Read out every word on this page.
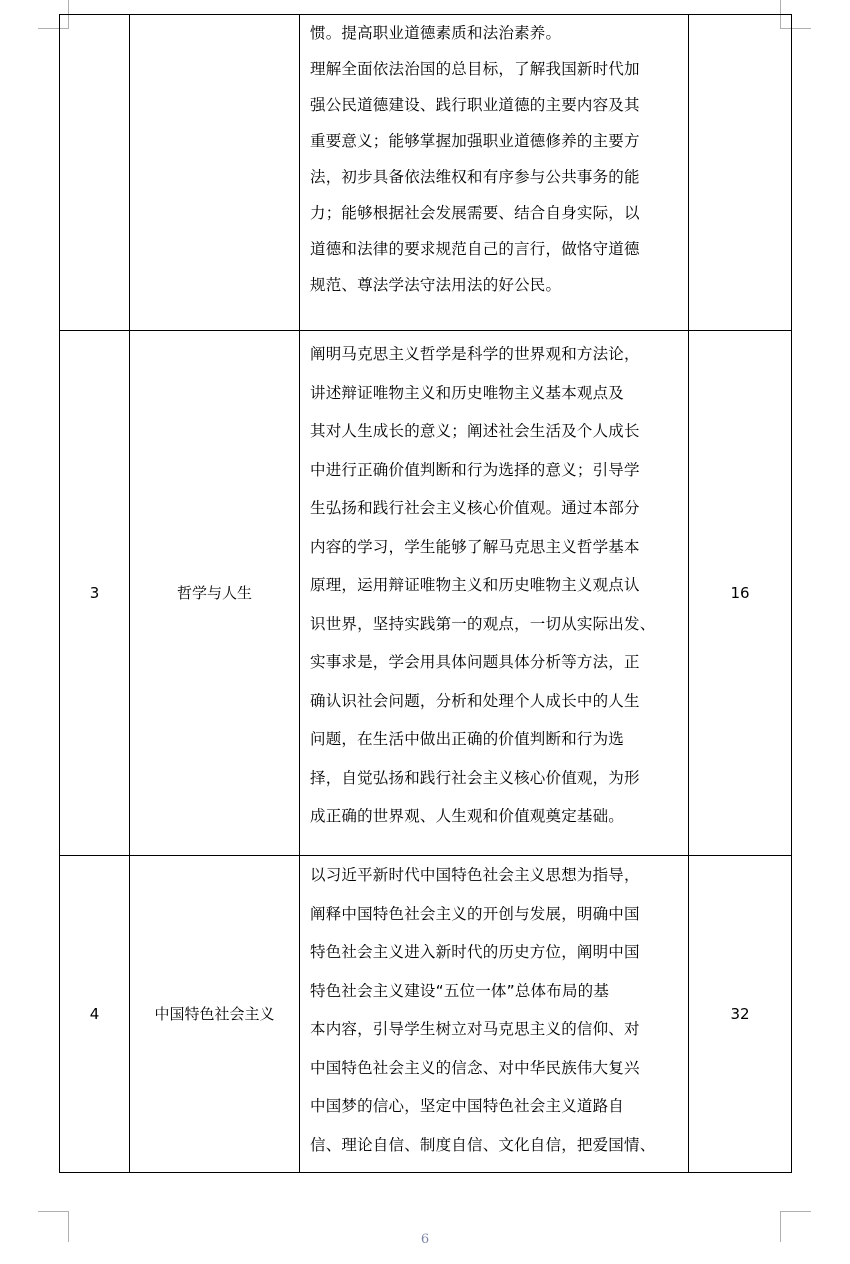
惯。提高职业道德素质和法治素养。
理解全面依法治国的总目标，了解我国新时代加
强公民道德建设、践行职业道德的主要内容及其
重要意义；能够掌握加强职业道德修养的主要方
法，初步具备依法维权和有序参与公共事务的能
力；能够根据社会发展需要、结合自身实际，以
道德和法律的要求规范自己的言行，做恪守道德
规范、尊法学法守法用法的好公民。
3	哲学与人生
阐明马克思主义哲学是科学的世界观和方法论，
讲述辩证唯物主义和历史唯物主义基本观点及
其对人生成长的意义；阐述社会生活及个人成长
中进行正确价值判断和行为选择的意义；引导学
生弘扬和践行社会主义核心价值观。通过本部分
内容的学习，学生能够了解马克思主义哲学基本
原理，运用辩证唯物主义和历史唯物主义观点认
识世界，坚持实践第一的观点，一切从实际出发、
实事求是，学会用具体问题具体分析等方法，正
确认识社会问题，分析和处理个人成长中的人生
问题，在生活中做出正确的价值判断和行为选
择，自觉弘扬和践行社会主义核心价值观，为形
成正确的世界观、人生观和价值观奠定基础。
16
4	中国特色社会主义
以习近平新时代中国特色社会主义思想为指导，
阐释中国特色社会主义的开创与发展，明确中国
特色社会主义进入新时代的历史方位，阐明中国
特色社会主义建设“五位一体”总体布局的基
本内容，引导学生树立对马克思主义的信仰、对
中国特色社会主义的信念、对中华民族伟大复兴
中国梦的信心，坚定中国特色社会主义道路自
信、理论自信、制度自信、文化自信，把爱国情、
32
6
